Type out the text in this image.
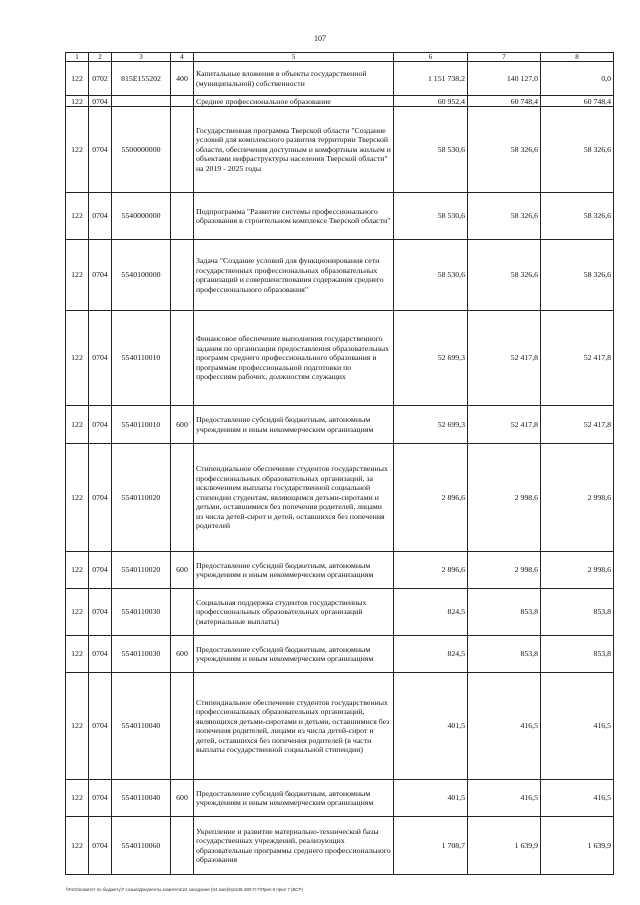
107
1	2	3	4	5	6	7	8
122	0702	815E155202	400	Капитальные вложения в объекты государственной (муниципальной) собственности	1 151 738,2	140 127,0	0,0
122	0704			Среднее профессиональное образование	60 952,4	60 748,4	60 748,4
122	0704	5500000000		Государственная программа Тверской области "Создание условий для комплексного развития территории Тверской области, обеспечения доступным и комфортным жильем и объектами инфраструктуры населения Тверской области" на 2019 - 2025 годы	58 530,6	58 326,6	58 326,6
122	0704	5540000000		Подпрограмма "Развитие системы профессионального образования в строительном комплексе Тверской области"	58 530,6	58 326,6	58 326,6
122	0704	5540100000		Задача "Создание условий для функционирования сети государственных профессиональных образовательных организаций и совершенствования содержания среднего профессионального образования"	58 530,6	58 326,6	58 326,6
122	0704	5540110010		Финансовое обеспечение выполнения государственного задания по организации предоставления образовательных программ среднего профессионального образования и программам профессиональной подготовки по профессиям рабочих, должностям служащих	52 699,3	52 417,8	52 417,8
122	0704	5540110010	600	Предоставление субсидий бюджетным, автономным учреждениям и иным некоммерческим организациям	52 699,3	52 417,8	52 417,8
122	0704	5540110020		Стипендиальное обеспечение студентов государственных профессиональных образовательных организаций, за исключением выплаты государственной социальной стипендии студентам, являющимся детьми-сиротами и детьми, оставшимися без попечения родителей, лицами из числа детей-сирот и детей, оставшихся без попечения родителей	2 896,6	2 998,6	2 998,6
122	0704	5540110020	600	Предоставление субсидий бюджетным, автономным учреждениям и иным некоммерческим организациям	2 896,6	2 998,6	2 998,6
122	0704	5540110030		Социальная поддержка студентов государственных профессиональных образовательных организаций (материальные выплаты)	824,5	853,8	853,8
122	0704	5540110030	600	Предоставление субсидий бюджетным, автономным учреждениям и иным некоммерческим организациям	824,5	853,8	853,8
122	0704	5540110040		Стипендиальное обеспечение студентов государственных профессиональных образовательных организаций, являющихся детьми-сиротами и детьми, оставшимися без попечения родителей, лицами из числа детей-сирот и детей, оставшихся без попечения родителей (в части выплаты государственной социальной стипендии)	401,5	416,5	416,5
122	0704	5540110040	600	Предоставление субсидий бюджетным, автономным учреждениям и иным некоммерческим организациям	401,5	416,5	416,5
122	0704	5540110060		Укрепление и развитие материально-технической базы государственных учреждений, реализующих образовательные программы среднего профессионального образования	1 708,7	1 639,9	1 639,9
\\Fs01\комитет по бюджету\7 созыв\Документы комитета\24 заседание (04 мая)\пр\248 480-П-7\Прил 6 прил 7 (ВСР)
